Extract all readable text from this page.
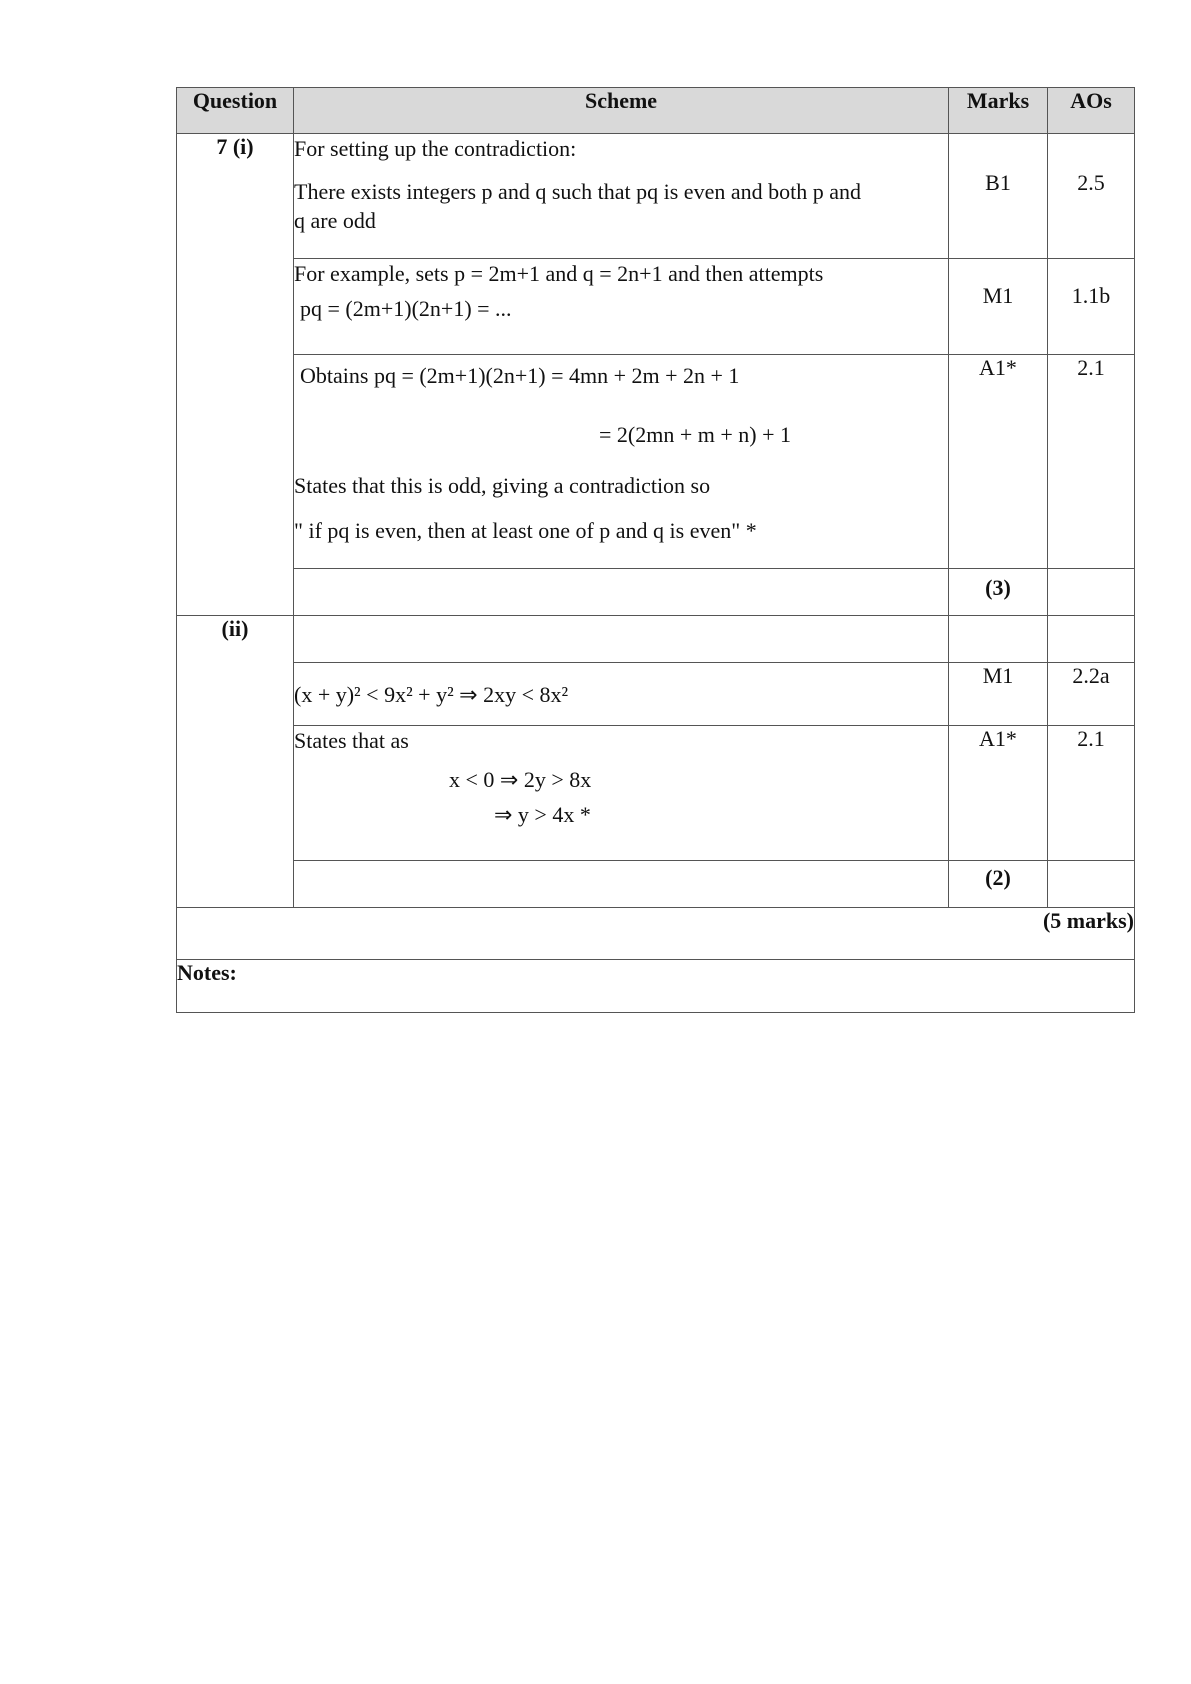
Question	Scheme	Marks	AOs
7 (i)	For setting up the contradiction:
There exists integers p and q such that pq is even and both p and
q are odd	B1	2.5

	For example, sets p = 2m+1 and q = 2n+1 and then attempts
pq = (2m+1)(2n+1) = ...	M1	1.1b

	Obtains pq = (2m+1)(2n+1) = 4mn + 2m + 2n + 1
= 2(2mn + m + n) + 1
States that this is odd, giving a contradiction so
" if pq is even, then at least one of p and q is even" *	A1*	2.1
		(3)	
(ii)			

	(x + y)² < 9x² + y² ⇒ 2xy < 8x²	M1	2.2a

	States that as
x < 0 ⇒ 2y > 8x
⇒ y > 4x *	A1*	2.1
		(2)	
(5 marks)			
Notes:			
